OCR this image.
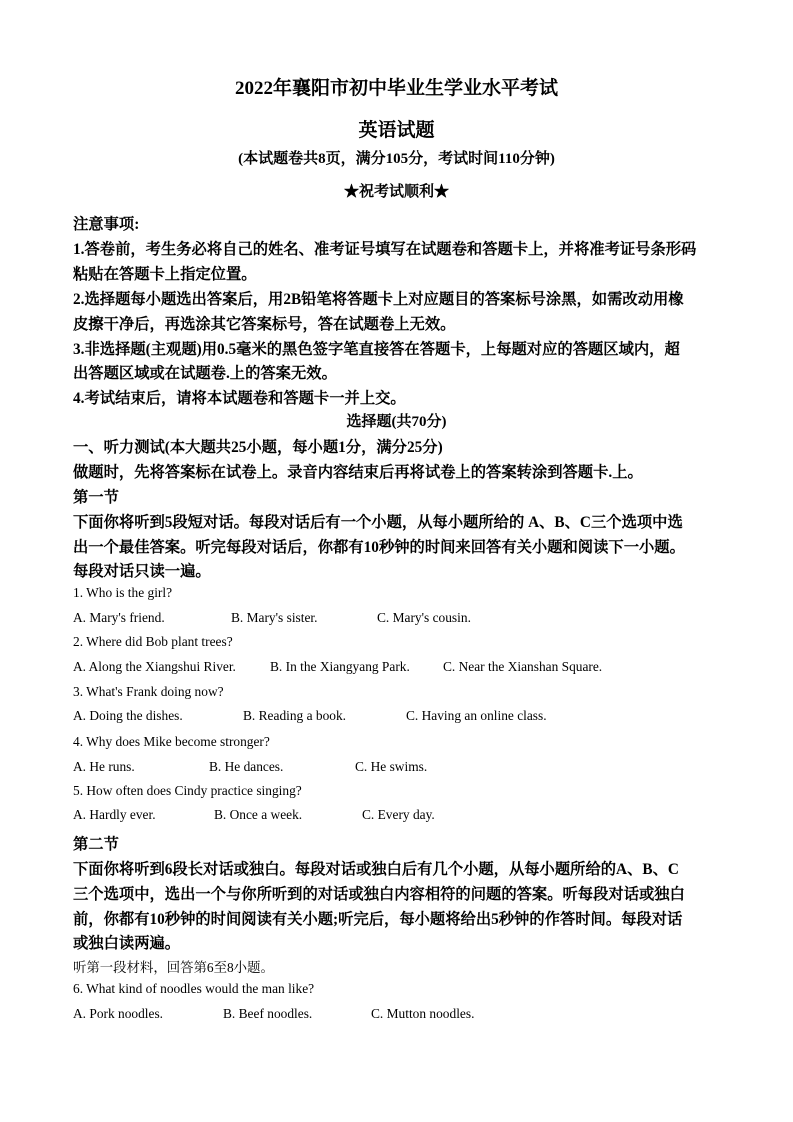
2022年襄阳市初中毕业生学业水平考试
英语试题
(本试题卷共8页，满分105分，考试时间110分钟)
★祝考试顺利★
注意事项:
1.答卷前，考生务必将自己的姓名、准考证号填写在试题卷和答题卡上，并将准考证号条形码
粘贴在答题卡上指定位置。
2.选择题每小题选出答案后，用2B铅笔将答题卡上对应题目的答案标号涂黑，如需改动用橡
皮擦干净后，再选涂其它答案标号，答在试题卷上无效。
3.非选择题(主观题)用0.5毫米的黑色签字笔直接答在答题卡，上每题对应的答题区域内，超
出答题区域或在试题卷.上的答案无效。
4.考试结束后，请将本试题卷和答题卡一并上交。
选择题(共70分)
一、听力测试(本大题共25小题，每小题1分，满分25分)
做题时，先将答案标在试卷上。录音内容结束后再将试卷上的答案转涂到答题卡.上。
第一节
下面你将听到5段短对话。每段对话后有一个小题，从每小题所给的 A、B、C三个选项中选
出一个最佳答案。听完每段对话后，你都有10秒钟的时间来回答有关小题和阅读下一小题。
每段对话只读一遍。
1. Who is the girl?
A. Mary's friend.	B. Mary's sister.	C. Mary's cousin.
2. Where did Bob plant trees?
A. Along the Xiangshui River.	B. In the Xiangyang Park. C. Near the Xianshan Square.
3. What's Frank doing now?
A. Doing the dishes.	B. Reading a book.	C. Having an online class.
4. Why does Mike become stronger?
A. He runs.	B. He dances.	C. He swims.
5. How often does Cindy practice singing?
A. Hardly ever.	B. Once a week.	C. Every day.
第二节
下面你将听到6段长对话或独白。每段对话或独白后有几个小题，从每小题所给的A、B、C
三个选项中，选出一个与你所听到的对话或独白内容相符的问题的答案。听每段对话或独白
前，你都有10秒钟的时间阅读有关小题;听完后，每小题将给出5秒钟的作答时间。每段对话
或独白读两遍。
听第一段材料，回答第6至8小题。
6. What kind of noodles would the man like?
A. Pork noodles.	B. Beef noodles.	C. Mutton noodles.
